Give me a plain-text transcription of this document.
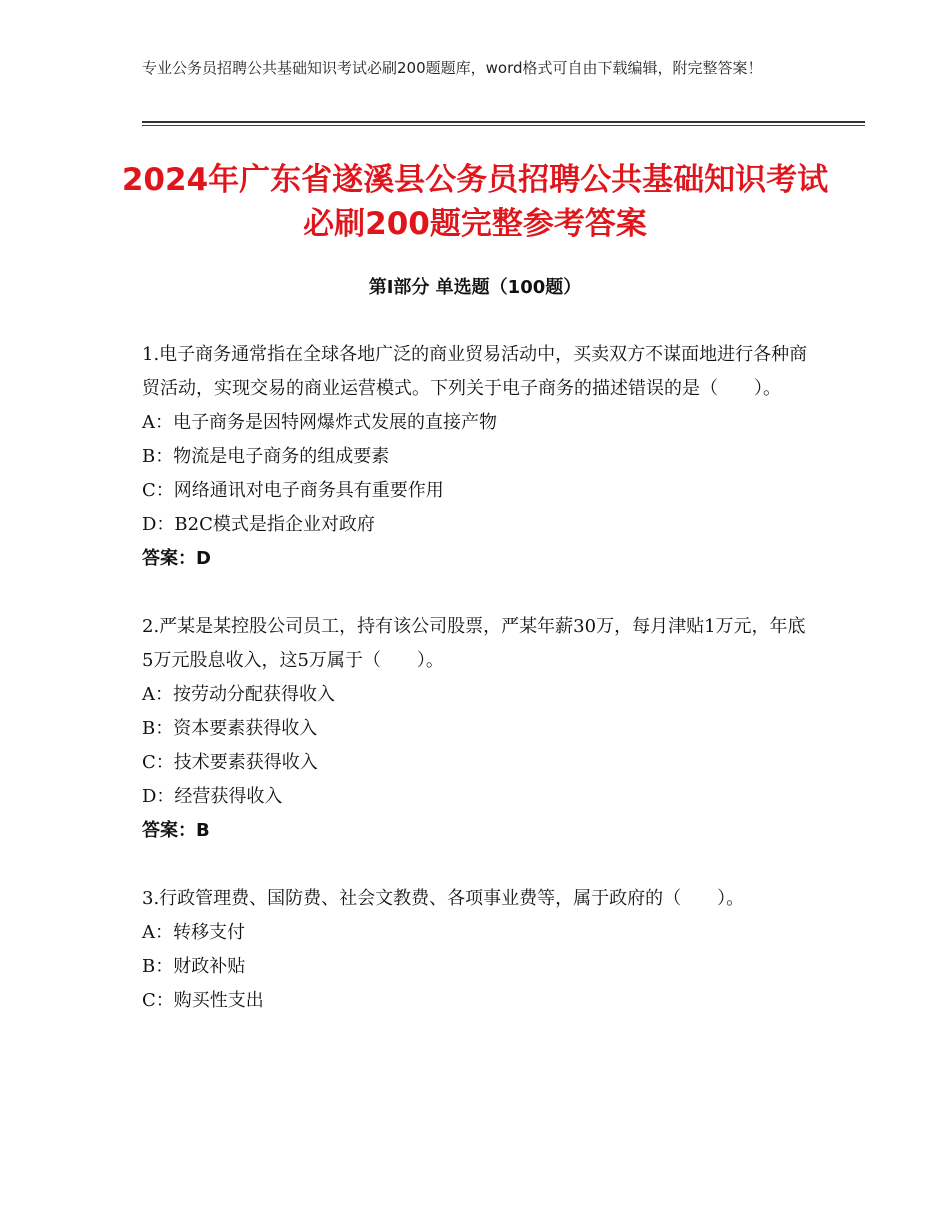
专业公务员招聘公共基础知识考试必刷200题题库，word格式可自由下载编辑，附完整答案！
2024年广东省遂溪县公务员招聘公共基础知识考试必刷200题完整参考答案
第Ⅰ部分 单选题（100题）

1.电子商务通常指在全球各地广泛的商业贸易活动中，买卖双方不谋面地进行各种商贸活动，实现交易的商业运营模式。下列关于电子商务的描述错误的是（　　）。

A：电子商务是因特网爆炸式发展的直接产物

B：物流是电子商务的组成要素

C：网络通讯对电子商务具有重要作用

D：B2C模式是指企业对政府

答案：D

2.严某是某控股公司员工，持有该公司股票，严某年薪30万，每月津贴1万元，年底5万元股息收入，这5万属于（　　）。

A：按劳动分配获得收入

B：资本要素获得收入

C：技术要素获得收入

D：经营获得收入

答案：B

3.行政管理费、国防费、社会文教费、各项事业费等，属于政府的（　　）。

A：转移支付

B：财政补贴

C：购买性支出
